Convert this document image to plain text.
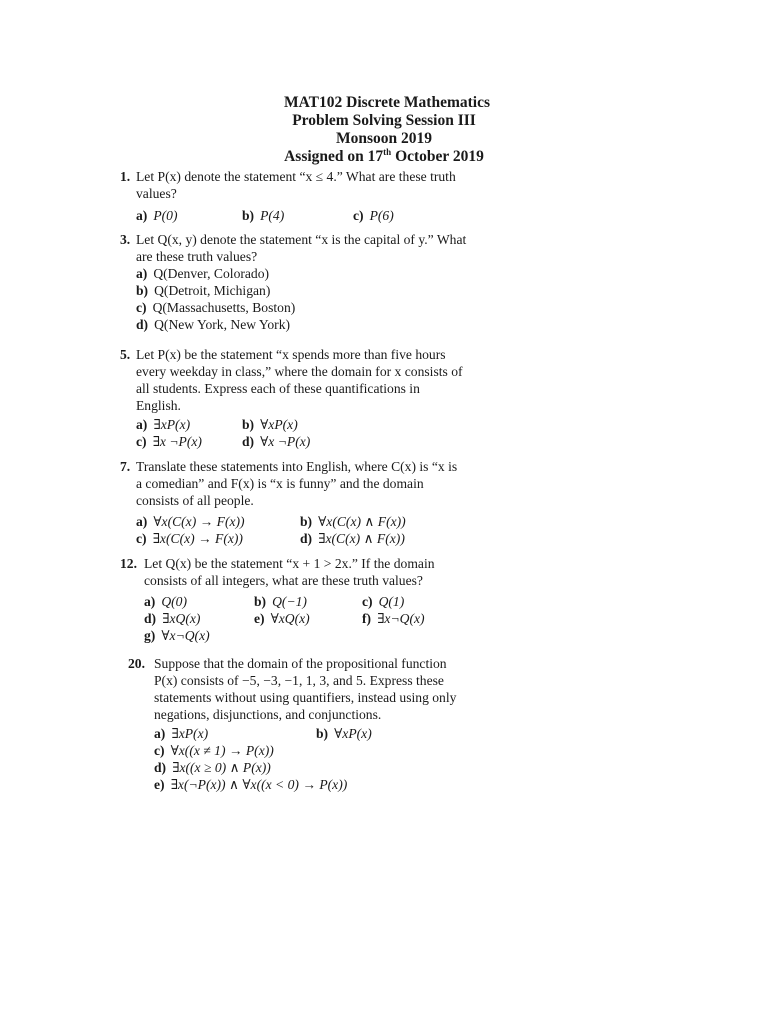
MAT102 Discrete Mathematics
Problem Solving Session III
Monsoon 2019
Assigned on 17th October 2019
1. Let P(x) denote the statement “x ≤ 4.” What are these truth values?
a) P(0)	b) P(4)	c) P(6)
3. Let Q(x, y) denote the statement “x is the capital of y.” What are these truth values?
a) Q(Denver, Colorado)
b) Q(Detroit, Michigan)
c) Q(Massachusetts, Boston)
d) Q(New York, New York)
5. Let P(x) be the statement “x spends more than five hours every weekday in class,” where the domain for x consists of all students. Express each of these quantifications in English.
a) ∃xP(x)	b) ∀xP(x)
c) ∃x ¬P(x)	d) ∀x ¬P(x)
7. Translate these statements into English, where C(x) is “x is a comedian” and F(x) is “x is funny” and the domain consists of all people.
a) ∀x(C(x) → F(x))	b) ∀x(C(x) ∧ F(x))
c) ∃x(C(x) → F(x))	d) ∃x(C(x) ∧ F(x))
12. Let Q(x) be the statement “x + 1 > 2x.” If the domain consists of all integers, what are these truth values?
a) Q(0)	b) Q(−1)	c) Q(1)
d) ∃xQ(x)	e) ∀xQ(x)	f) ∃x¬Q(x)
g) ∀x¬Q(x)
20. Suppose that the domain of the propositional function P(x) consists of −5, −3, −1, 1, 3, and 5. Express these statements without using quantifiers, instead using only negations, disjunctions, and conjunctions.
a) ∃xP(x)	b) ∀xP(x)
c) ∀x((x ≠ 1) → P(x))
d) ∃x((x ≥ 0) ∧ P(x))
e) ∃x(¬P(x)) ∧ ∀x((x < 0) → P(x))
